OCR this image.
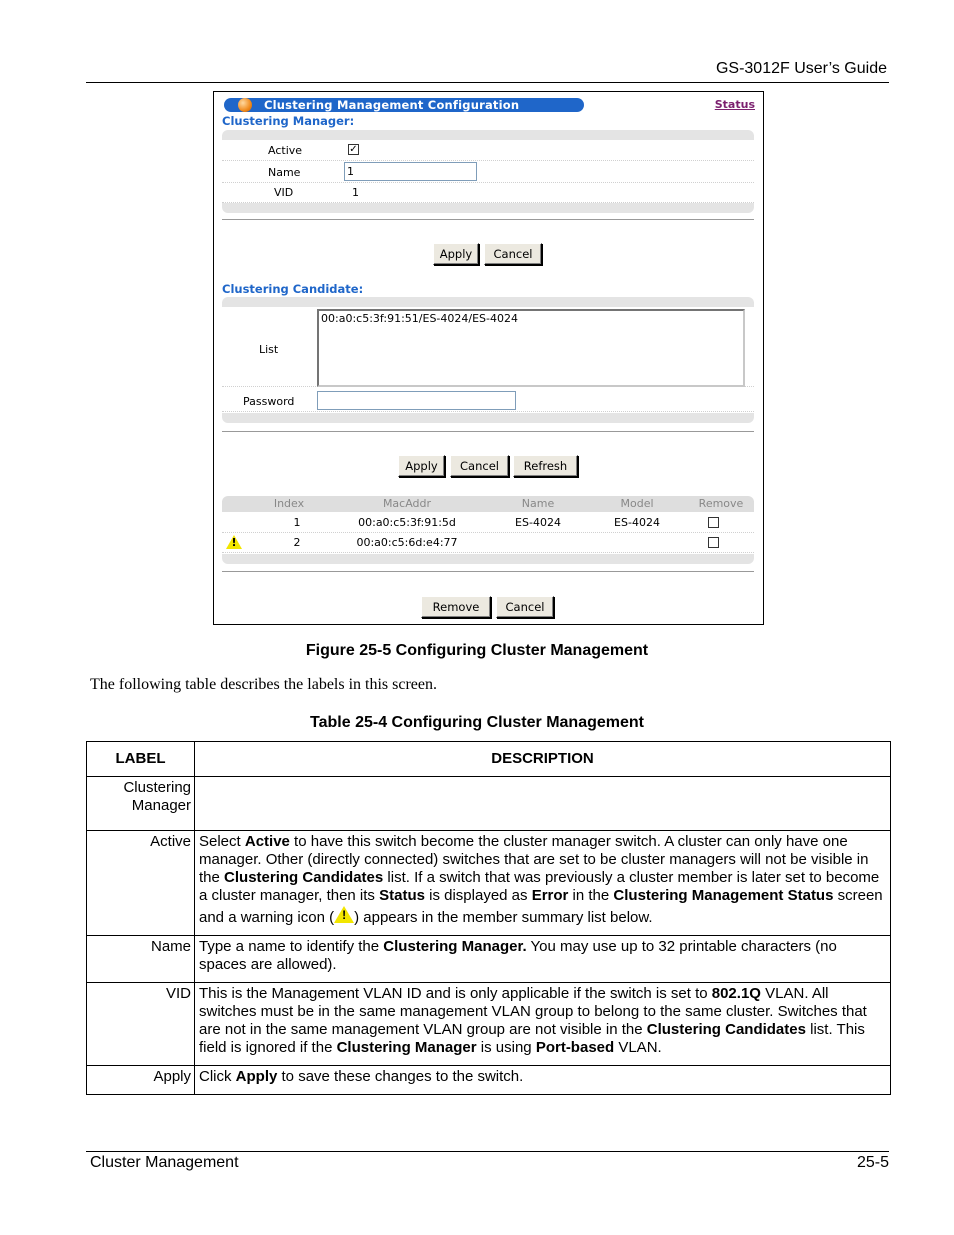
GS-3012F User’s Guide
Clustering Management Configuration	Status
Clustering Manager:
Active	✓
Name	1
VID	1
Apply	Cancel
Clustering Candidate:
List
00:a0:c5:3f:91:51/ES-4024/ES-4024
Password
Apply	Cancel	Refresh
Index	MacAddr	Name	Model	Remove
1	00:a0:c5:3f:91:5d	ES-4024	ES-4024
!	2	00:a0:c5:6d:e4:77
Remove	Cancel
Figure 25-5 Configuring Cluster Management
The following table describes the labels in this screen.
Table 25-4 Configuring Cluster Management
LABEL	DESCRIPTION
Clustering Manager	
Active	Select Active to have this switch become the cluster manager switch. A cluster can only have one manager. Other (directly connected) switches that are set to be cluster managers will not be visible in the Clustering Candidates list. If a switch that was previously a cluster member is later set to become a cluster manager, then its Status is displayed as Error in the Clustering Management Status screen and a warning icon ( ! ) appears in the member summary list below.
Name	Type a name to identify the Clustering Manager. You may use up to 32 printable characters (no spaces are allowed).
VID	This is the Management VLAN ID and is only applicable if the switch is set to 802.1Q VLAN. All switches must be in the same management VLAN group to belong to the same cluster. Switches that are not in the same management VLAN group are not visible in the Clustering Candidates list. This field is ignored if the Clustering Manager is using Port-based VLAN.
Apply	Click Apply to save these changes to the switch.
Cluster Management	25-5
